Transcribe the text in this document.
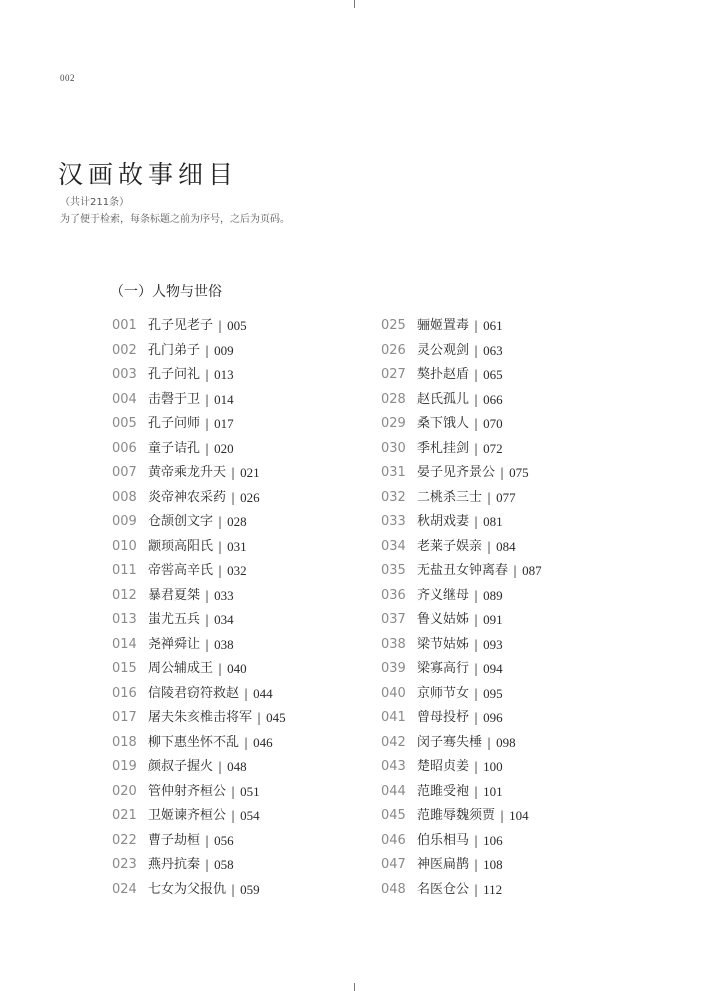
002
汉画故事细目
（共计211条）
为了便于检索，每条标题之前为序号，之后为页码。
（一）人物与世俗
001 孔子见老子 | 005
002 孔门弟子 | 009
003 孔子问礼 | 013
004 击磬于卫 | 014
005 孔子问师 | 017
006 童子诘孔 | 020
007 黄帝乘龙升天 | 021
008 炎帝神农采药 | 026
009 仓颉创文字 | 028
010 颛顼高阳氏 | 031
011 帝喾高辛氏 | 032
012 暴君夏桀 | 033
013 蚩尤五兵 | 034
014 尧禅舜让 | 038
015 周公辅成王 | 040
016 信陵君窃符救赵 | 044
017 屠夫朱亥椎击将军 | 045
018 柳下惠坐怀不乱 | 046
019 颜叔子握火 | 048
020 管仲射齐桓公 | 051
021 卫姬谏齐桓公 | 054
022 曹子劫桓 | 056
023 燕丹抗秦 | 058
024 七女为父报仇 | 059
025 骊姬置毒 | 061
026 灵公观剑 | 063
027 獒扑赵盾 | 065
028 赵氏孤儿 | 066
029 桑下饿人 | 070
030 季札挂剑 | 072
031 晏子见齐景公 | 075
032 二桃杀三士 | 077
033 秋胡戏妻 | 081
034 老莱子娱亲 | 084
035 无盐丑女钟离春 | 087
036 齐义继母 | 089
037 鲁义姑姊 | 091
038 梁节姑姊 | 093
039 梁寡高行 | 094
040 京师节女 | 095
041 曾母投杼 | 096
042 闵子骞失棰 | 098
043 楚昭贞姜 | 100
044 范雎受袍 | 101
045 范雎辱魏须贾 | 104
046 伯乐相马 | 106
047 神医扁鹊 | 108
048 名医仓公 | 112
